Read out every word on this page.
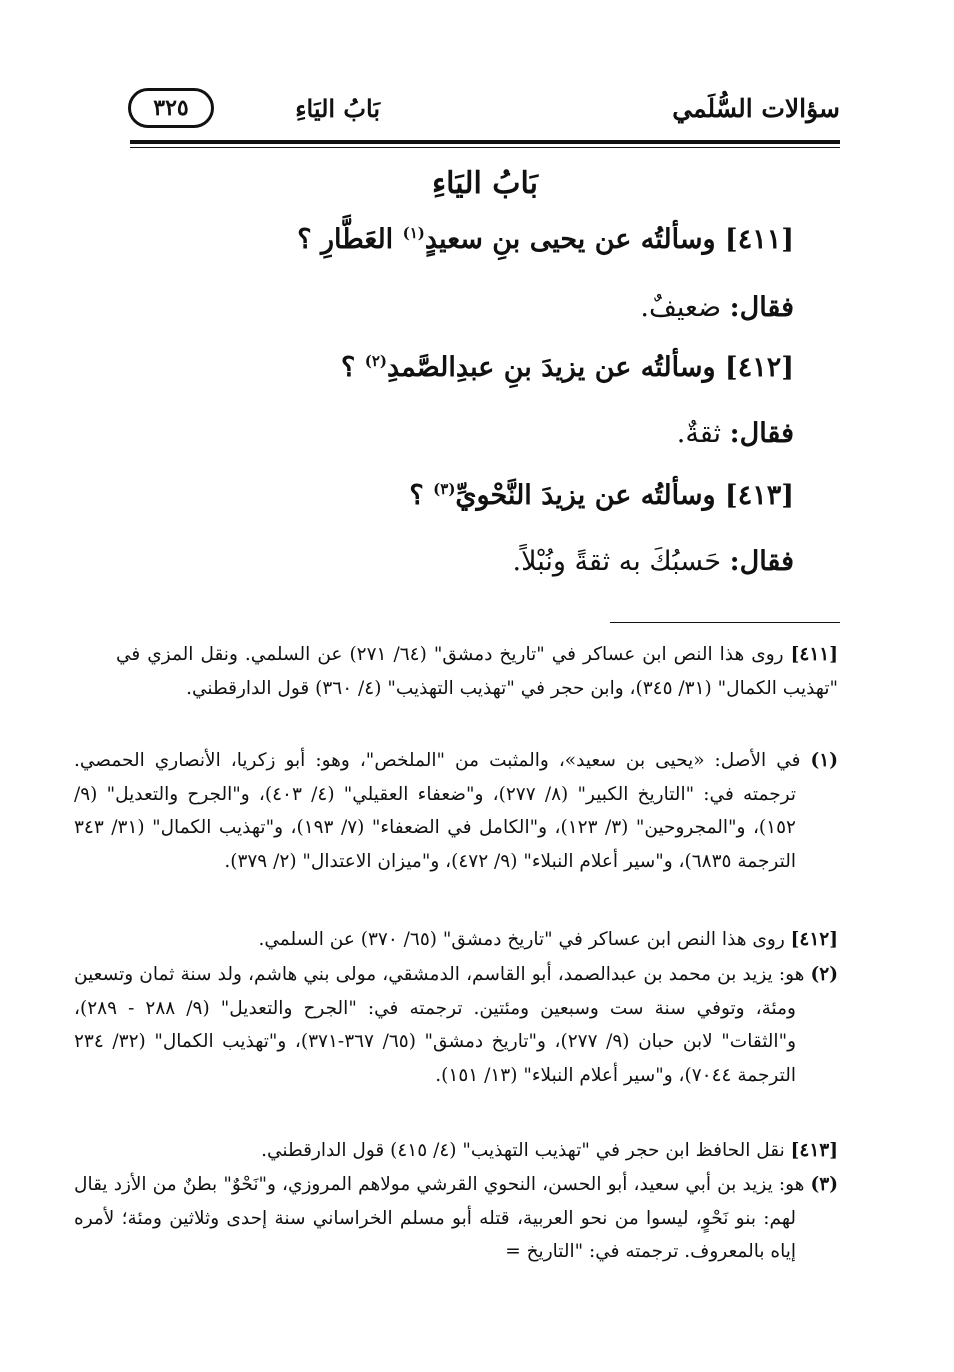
سؤالات السُّلَمي
بَابُ اليَاءِ
٣٢٥
بَابُ اليَاءِ
[٤١١] وسألتُه عن يحيى بنِ سعيدٍ$^{(١)}$ العَطَّارِ ؟
فقال: ضعيفٌ.
[٤١٢] وسألتُه عن يزيدَ بنِ عبدِالصَّمدِ$^{(٢)}$ ؟
فقال: ثقةٌ.
[٤١٣] وسألتُه عن يزيدَ النَّحْويِّ$^{(٣)}$ ؟
فقال: حَسبُكَ به ثقةً ونُبْلاً.
[٤١١] روى هذا النص ابن عساكر في "تاريخ دمشق" (٦٤/ ٢٧١) عن السلمي. ونقل المزي في "تهذيب الكمال" (٣١/ ٣٤٥)، وابن حجر في "تهذيب التهذيب" (٤/ ٣٦٠) قول الدارقطني.
(١) في الأصل: «يحيى بن سعيد»، والمثبت من "الملخص"، وهو: أبو زكريا، الأنصاري الحمصي. ترجمته في: "التاريخ الكبير" (٨/ ٢٧٧)، و"ضعفاء العقيلي" (٤/ ٤٠٣)، و"الجرح والتعديل" (٩/ ١٥٢)، و"المجروحين" (٣/ ١٢٣)، و"الكامل في الضعفاء" (٧/ ١٩٣)، و"تهذيب الكمال" (٣١/ ٣٤٣ الترجمة ٦٨٣٥)، و"سير أعلام النبلاء" (٩/ ٤٧٢)، و"ميزان الاعتدال" (٢/ ٣٧٩).
[٤١٢] روى هذا النص ابن عساكر في "تاريخ دمشق" (٦٥/ ٣٧٠) عن السلمي.
(٢) هو: يزيد بن محمد بن عبدالصمد، أبو القاسم، الدمشقي، مولى بني هاشم، ولد سنة ثمان وتسعين ومئة، وتوفي سنة ست وسبعين ومئتين. ترجمته في: "الجرح والتعديل" (٩/ ٢٨٨ - ٢٨٩)، و"الثقات" لابن حبان (٩/ ٢٧٧)، و"تاريخ دمشق" (٦٥/ ٣٦٧-٣٧١)، و"تهذيب الكمال" (٣٢/ ٢٣٤ الترجمة ٧٠٤٤)، و"سير أعلام النبلاء" (١٣/ ١٥١).
[٤١٣] نقل الحافظ ابن حجر في "تهذيب التهذيب" (٤/ ٤١٥) قول الدارقطني.
(٣) هو: يزيد بن أبي سعيد، أبو الحسن، النحوي القرشي مولاهم المروزي، و"نَحْوٌ" بطنٌ من الأزد يقال لهم: بنو نَحْوٍ، ليسوا من نحو العربية، قتله أبو مسلم الخراساني سنة إحدى وثلاثين ومئة؛ لأمره إياه بالمعروف. ترجمته في: "التاريخ =
